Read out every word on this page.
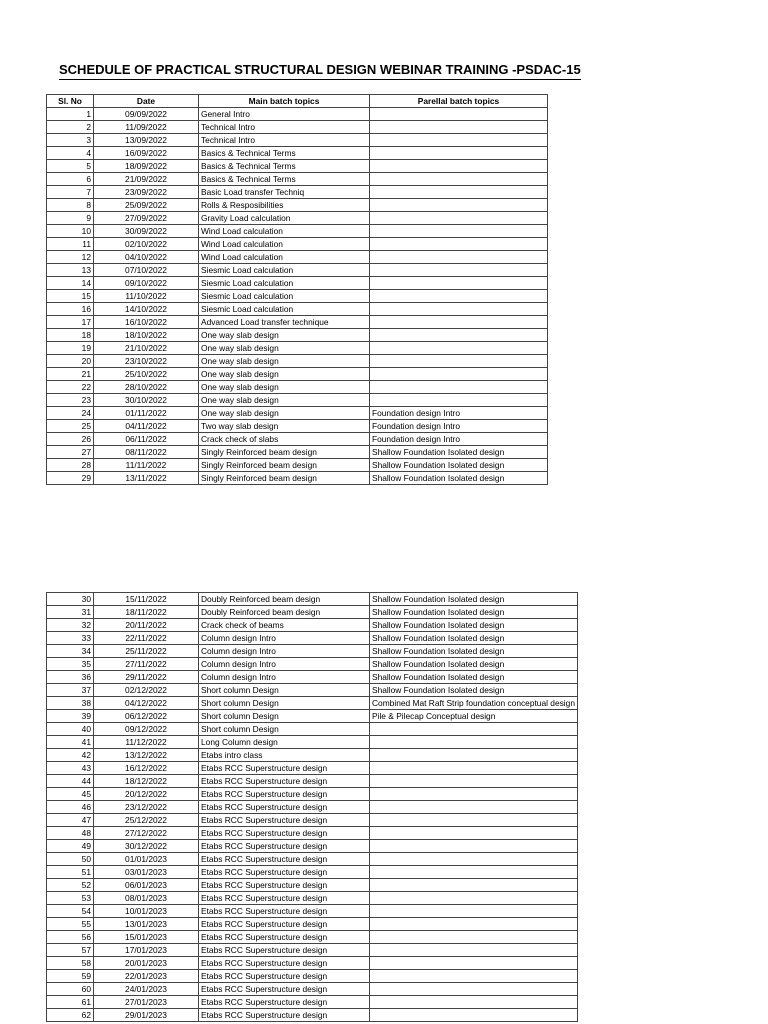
SCHEDULE OF PRACTICAL STRUCTURAL DESIGN WEBINAR TRAINING -PSDAC-15
Sl. No	Date	Main batch topics	Parellal batch topics
1	09/09/2022	General Intro	
2	11/09/2022	Technical Intro	
3	13/09/2022	Technical Intro	
4	16/09/2022	Basics & Technical Terms	
5	18/09/2022	Basics & Technical Terms	
6	21/09/2022	Basics & Technical Terms	
7	23/09/2022	Basic Load transfer Techniq	
8	25/09/2022	Rolls & Resposibilities	
9	27/09/2022	Gravity Load calculation	
10	30/09/2022	Wind Load calculation	
11	02/10/2022	Wind Load calculation	
12	04/10/2022	Wind Load calculation	
13	07/10/2022	Siesmic Load calculation	
14	09/10/2022	Siesmic Load calculation	
15	11/10/2022	Siesmic Load calculation	
16	14/10/2022	Siesmic Load calculation	
17	16/10/2022	Advanced Load transfer technique	
18	18/10/2022	One way slab design	
19	21/10/2022	One way slab design	
20	23/10/2022	One way slab design	
21	25/10/2022	One way slab design	
22	28/10/2022	One way slab design	
23	30/10/2022	One way slab design	
24	01/11/2022	One way slab design	Foundation design Intro
25	04/11/2022	Two way slab design	Foundation design Intro
26	06/11/2022	Crack check of slabs	Foundation design Intro
27	08/11/2022	Singly Reinforced beam design	Shallow Foundation Isolated design
28	11/11/2022	Singly Reinforced beam design	Shallow Foundation Isolated design
29	13/11/2022	Singly Reinforced beam design	Shallow Foundation Isolated design
30	15/11/2022	Doubly Reinforced beam design	Shallow Foundation Isolated design
31	18/11/2022	Doubly Reinforced beam design	Shallow Foundation Isolated design
32	20/11/2022	Crack check of beams	Shallow Foundation Isolated design
33	22/11/2022	Column design Intro	Shallow Foundation Isolated design
34	25/11/2022	Column design Intro	Shallow Foundation Isolated design
35	27/11/2022	Column design Intro	Shallow Foundation Isolated design
36	29/11/2022	Column design Intro	Shallow Foundation Isolated design
37	02/12/2022	Short column Design	Shallow Foundation Isolated design
38	04/12/2022	Short column Design	Combined Mat Raft Strip foundation conceptual design
39	06/12/2022	Short column Design	Pile & Pilecap Conceptual design
40	09/12/2022	Short column Design	
41	11/12/2022	Long Column design	
42	13/12/2022	Etabs intro class	
43	16/12/2022	Etabs RCC Superstructure design	
44	18/12/2022	Etabs RCC Superstructure design	
45	20/12/2022	Etabs RCC Superstructure design	
46	23/12/2022	Etabs RCC Superstructure design	
47	25/12/2022	Etabs RCC Superstructure design	
48	27/12/2022	Etabs RCC Superstructure design	
49	30/12/2022	Etabs RCC Superstructure design	
50	01/01/2023	Etabs RCC Superstructure design	
51	03/01/2023	Etabs RCC Superstructure design	
52	06/01/2023	Etabs RCC Superstructure design	
53	08/01/2023	Etabs RCC Superstructure design	
54	10/01/2023	Etabs RCC Superstructure design	
55	13/01/2023	Etabs RCC Superstructure design	
56	15/01/2023	Etabs RCC Superstructure design	
57	17/01/2023	Etabs RCC Superstructure design	
58	20/01/2023	Etabs RCC Superstructure design	
59	22/01/2023	Etabs RCC Superstructure design	
60	24/01/2023	Etabs RCC Superstructure design	
61	27/01/2023	Etabs RCC Superstructure design	
62	29/01/2023	Etabs RCC Superstructure design	
